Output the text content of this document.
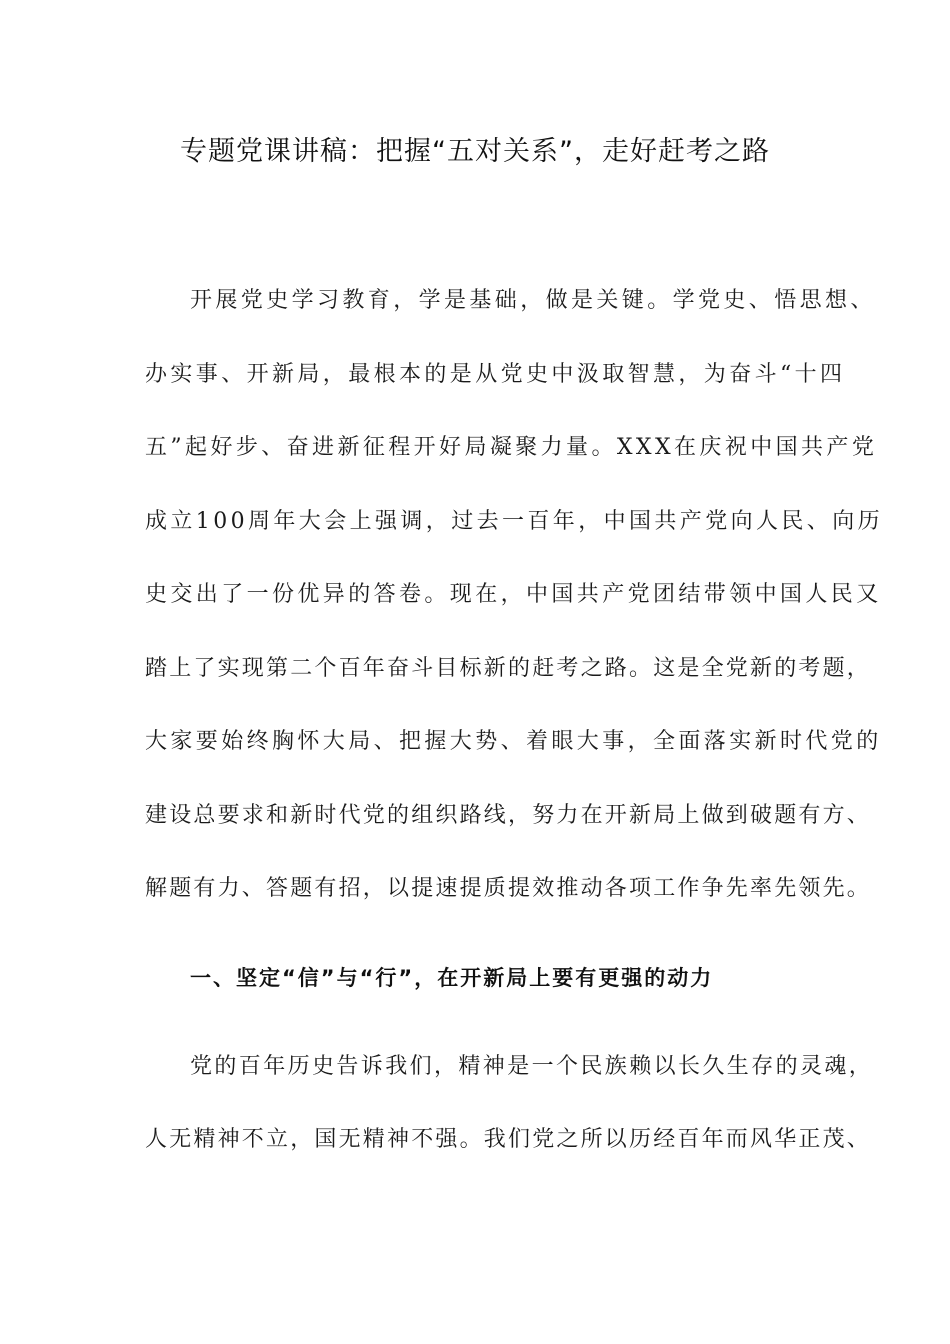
专题党课讲稿：把握“五对关系”，走好赶考之路
开展党史学习教育，学是基础，做是关键。学党史、悟思想、
办实事、开新局，最根本的是从党史中汲取智慧，为奋斗“十四
五”起好步、奋进新征程开好局凝聚力量。XXX在庆祝中国共产党
成立100周年大会上强调，过去一百年，中国共产党向人民、向历
史交出了一份优异的答卷。现在，中国共产党团结带领中国人民又
踏上了实现第二个百年奋斗目标新的赶考之路。这是全党新的考题，
大家要始终胸怀大局、把握大势、着眼大事，全面落实新时代党的
建设总要求和新时代党的组织路线，努力在开新局上做到破题有方、
解题有力、答题有招，以提速提质提效推动各项工作争先率先领先。
一、坚定“信”与“行”，在开新局上要有更强的动力
党的百年历史告诉我们，精神是一个民族赖以长久生存的灵魂，
人无精神不立，国无精神不强。我们党之所以历经百年而风华正茂、
